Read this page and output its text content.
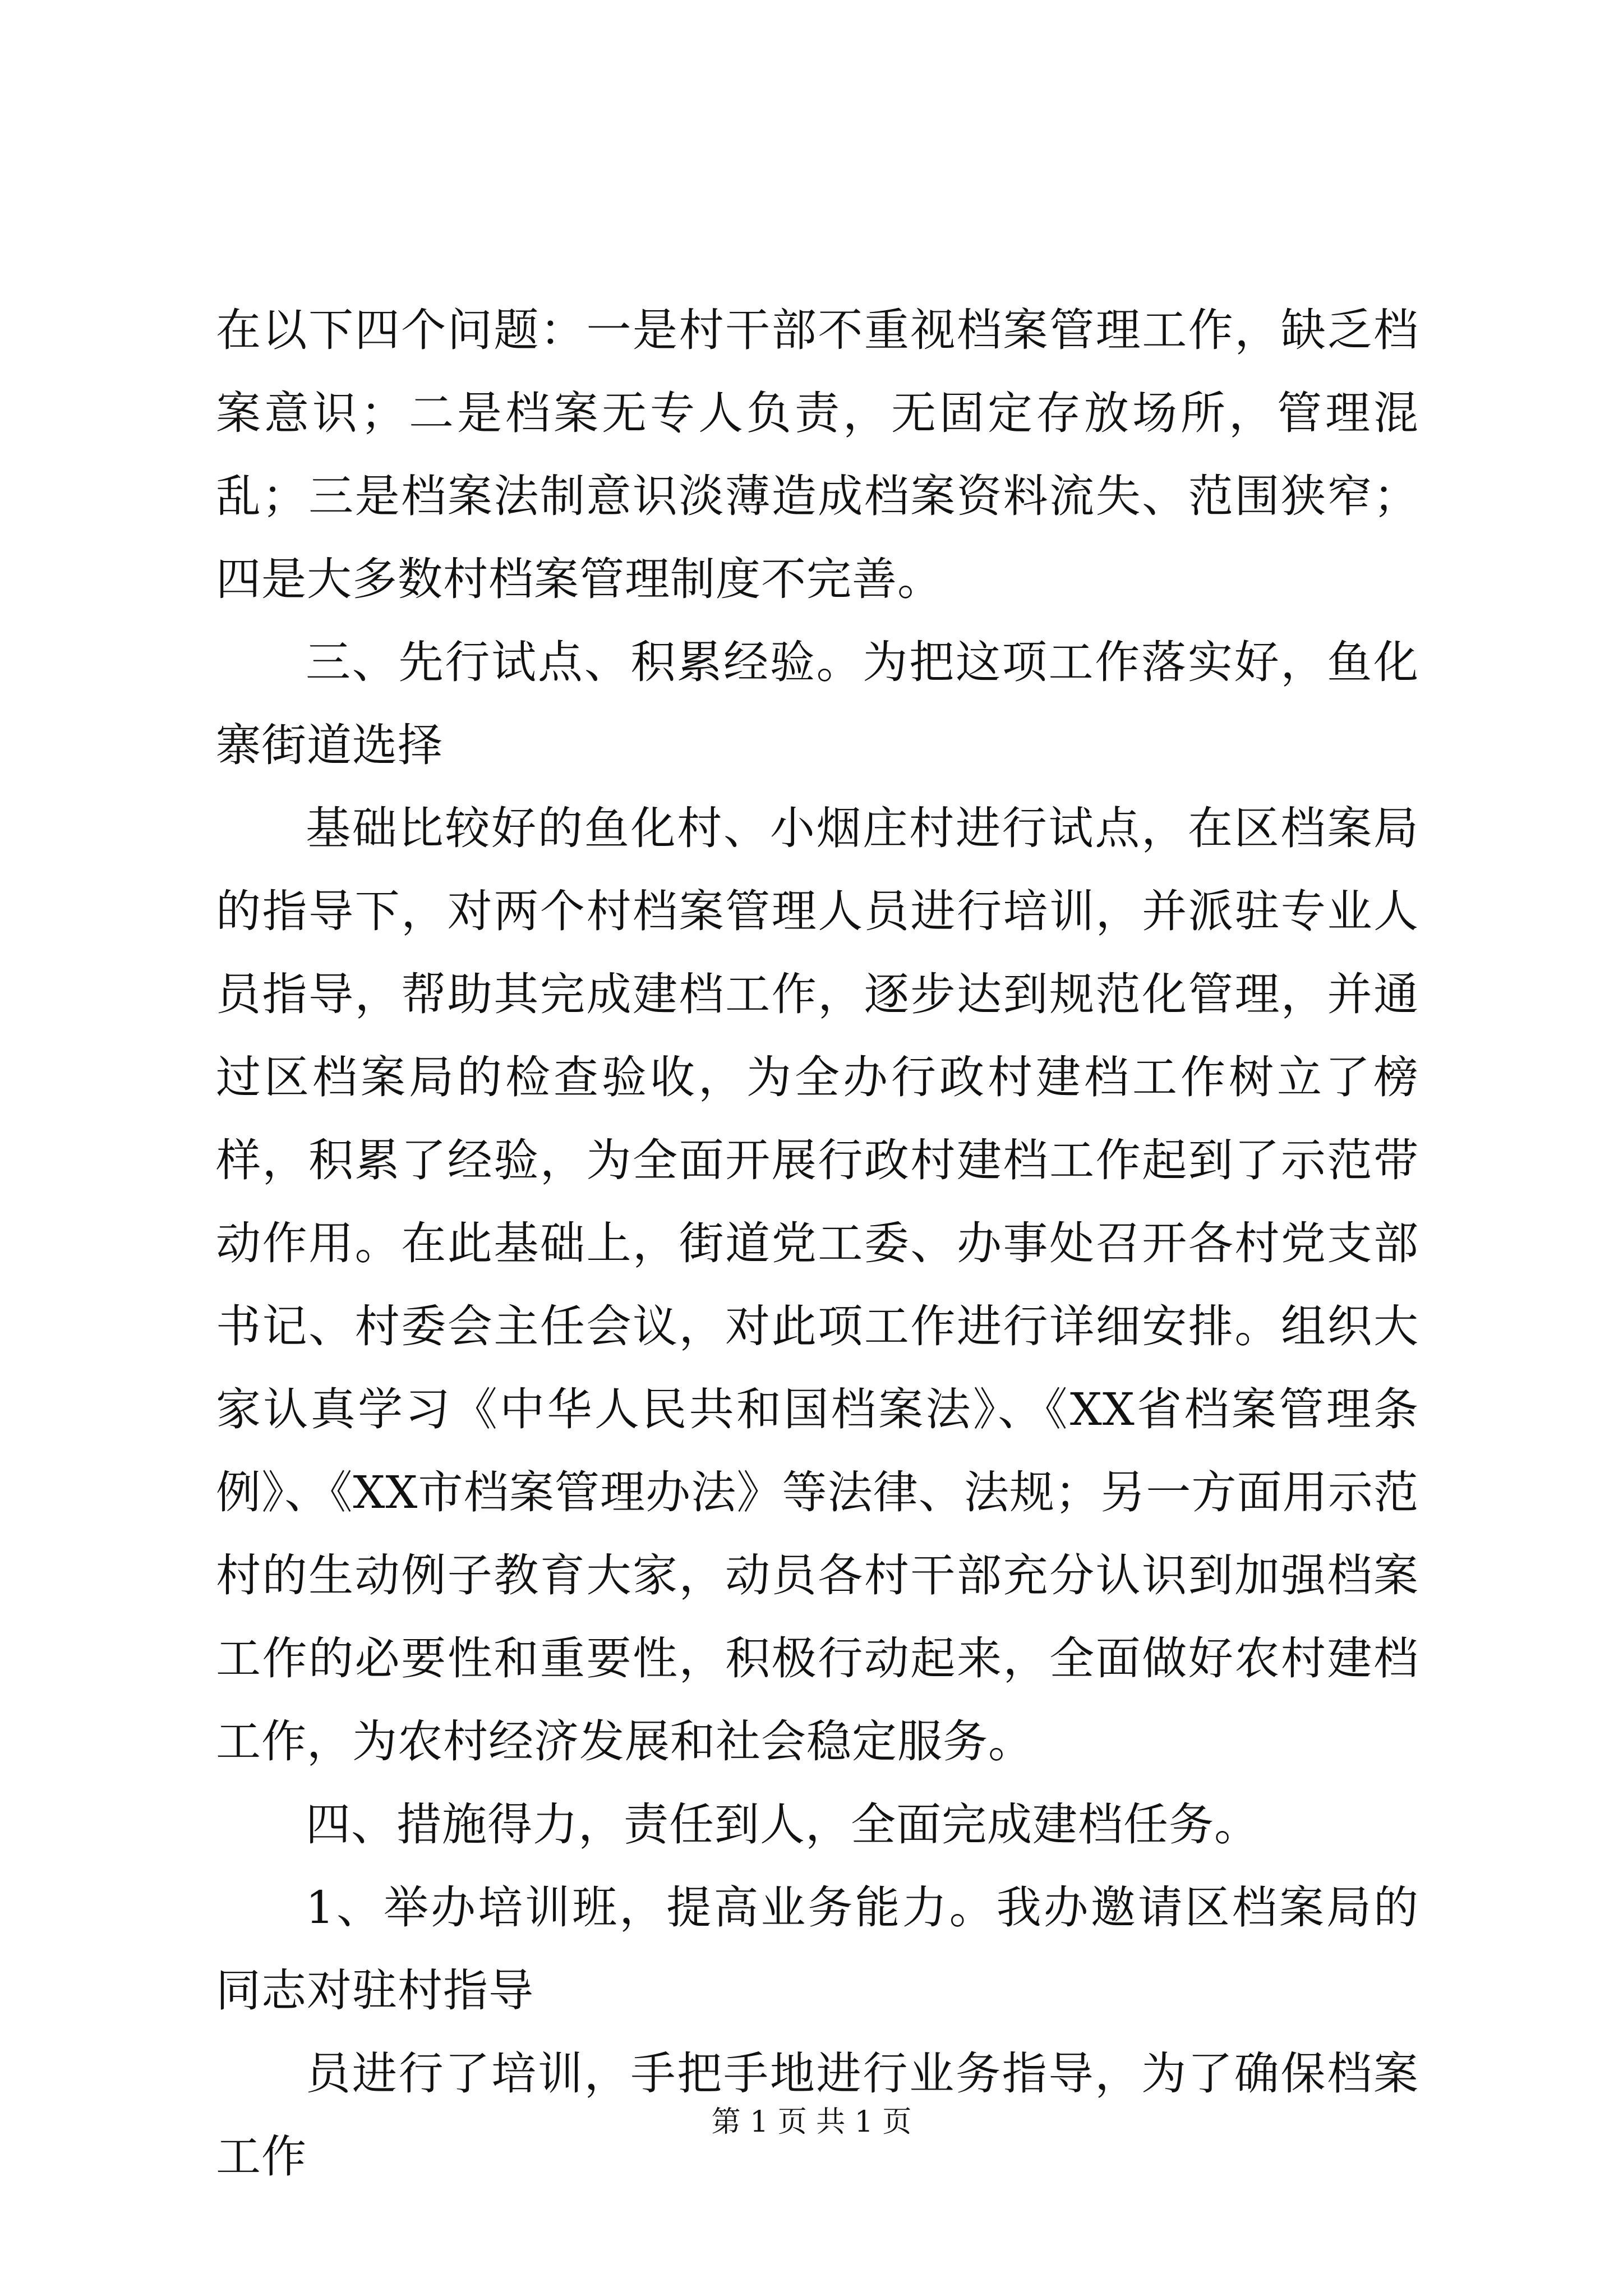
在以下四个问题：一是村干部不重视档案管理工作，缺乏档案意识；二是档案无专人负责，无固定存放场所，管理混乱；三是档案法制意识淡薄造成档案资料流失、范围狭窄；四是大多数村档案管理制度不完善。

三、先行试点、积累经验。为把这项工作落实好，鱼化寨街道选择

基础比较好的鱼化村、小烟庄村进行试点，在区档案局的指导下，对两个村档案管理人员进行培训，并派驻专业人员指导，帮助其完成建档工作，逐步达到规范化管理，并通过区档案局的检查验收，为全办行政村建档工作树立了榜样，积累了经验，为全面开展行政村建档工作起到了示范带动作用。在此基础上，街道党工委、办事处召开各村党支部书记、村委会主任会议，对此项工作进行详细安排。组织大家认真学习《中华人民共和国档案法》、《XX省档案管理条例》、《XX市档案管理办法》等法律、法规；另一方面用示范村的生动例子教育大家，动员各村干部充分认识到加强档案工作的必要性和重要性，积极行动起来，全面做好农村建档工作，为农村经济发展和社会稳定服务。

四、措施得力，责任到人，全面完成建档任务。

1、举办培训班，提高业务能力。我办邀请区档案局的同志对驻村指导

员进行了培训，手把手地进行业务指导，为了确保档案工作

第 1 页 共 1 页
